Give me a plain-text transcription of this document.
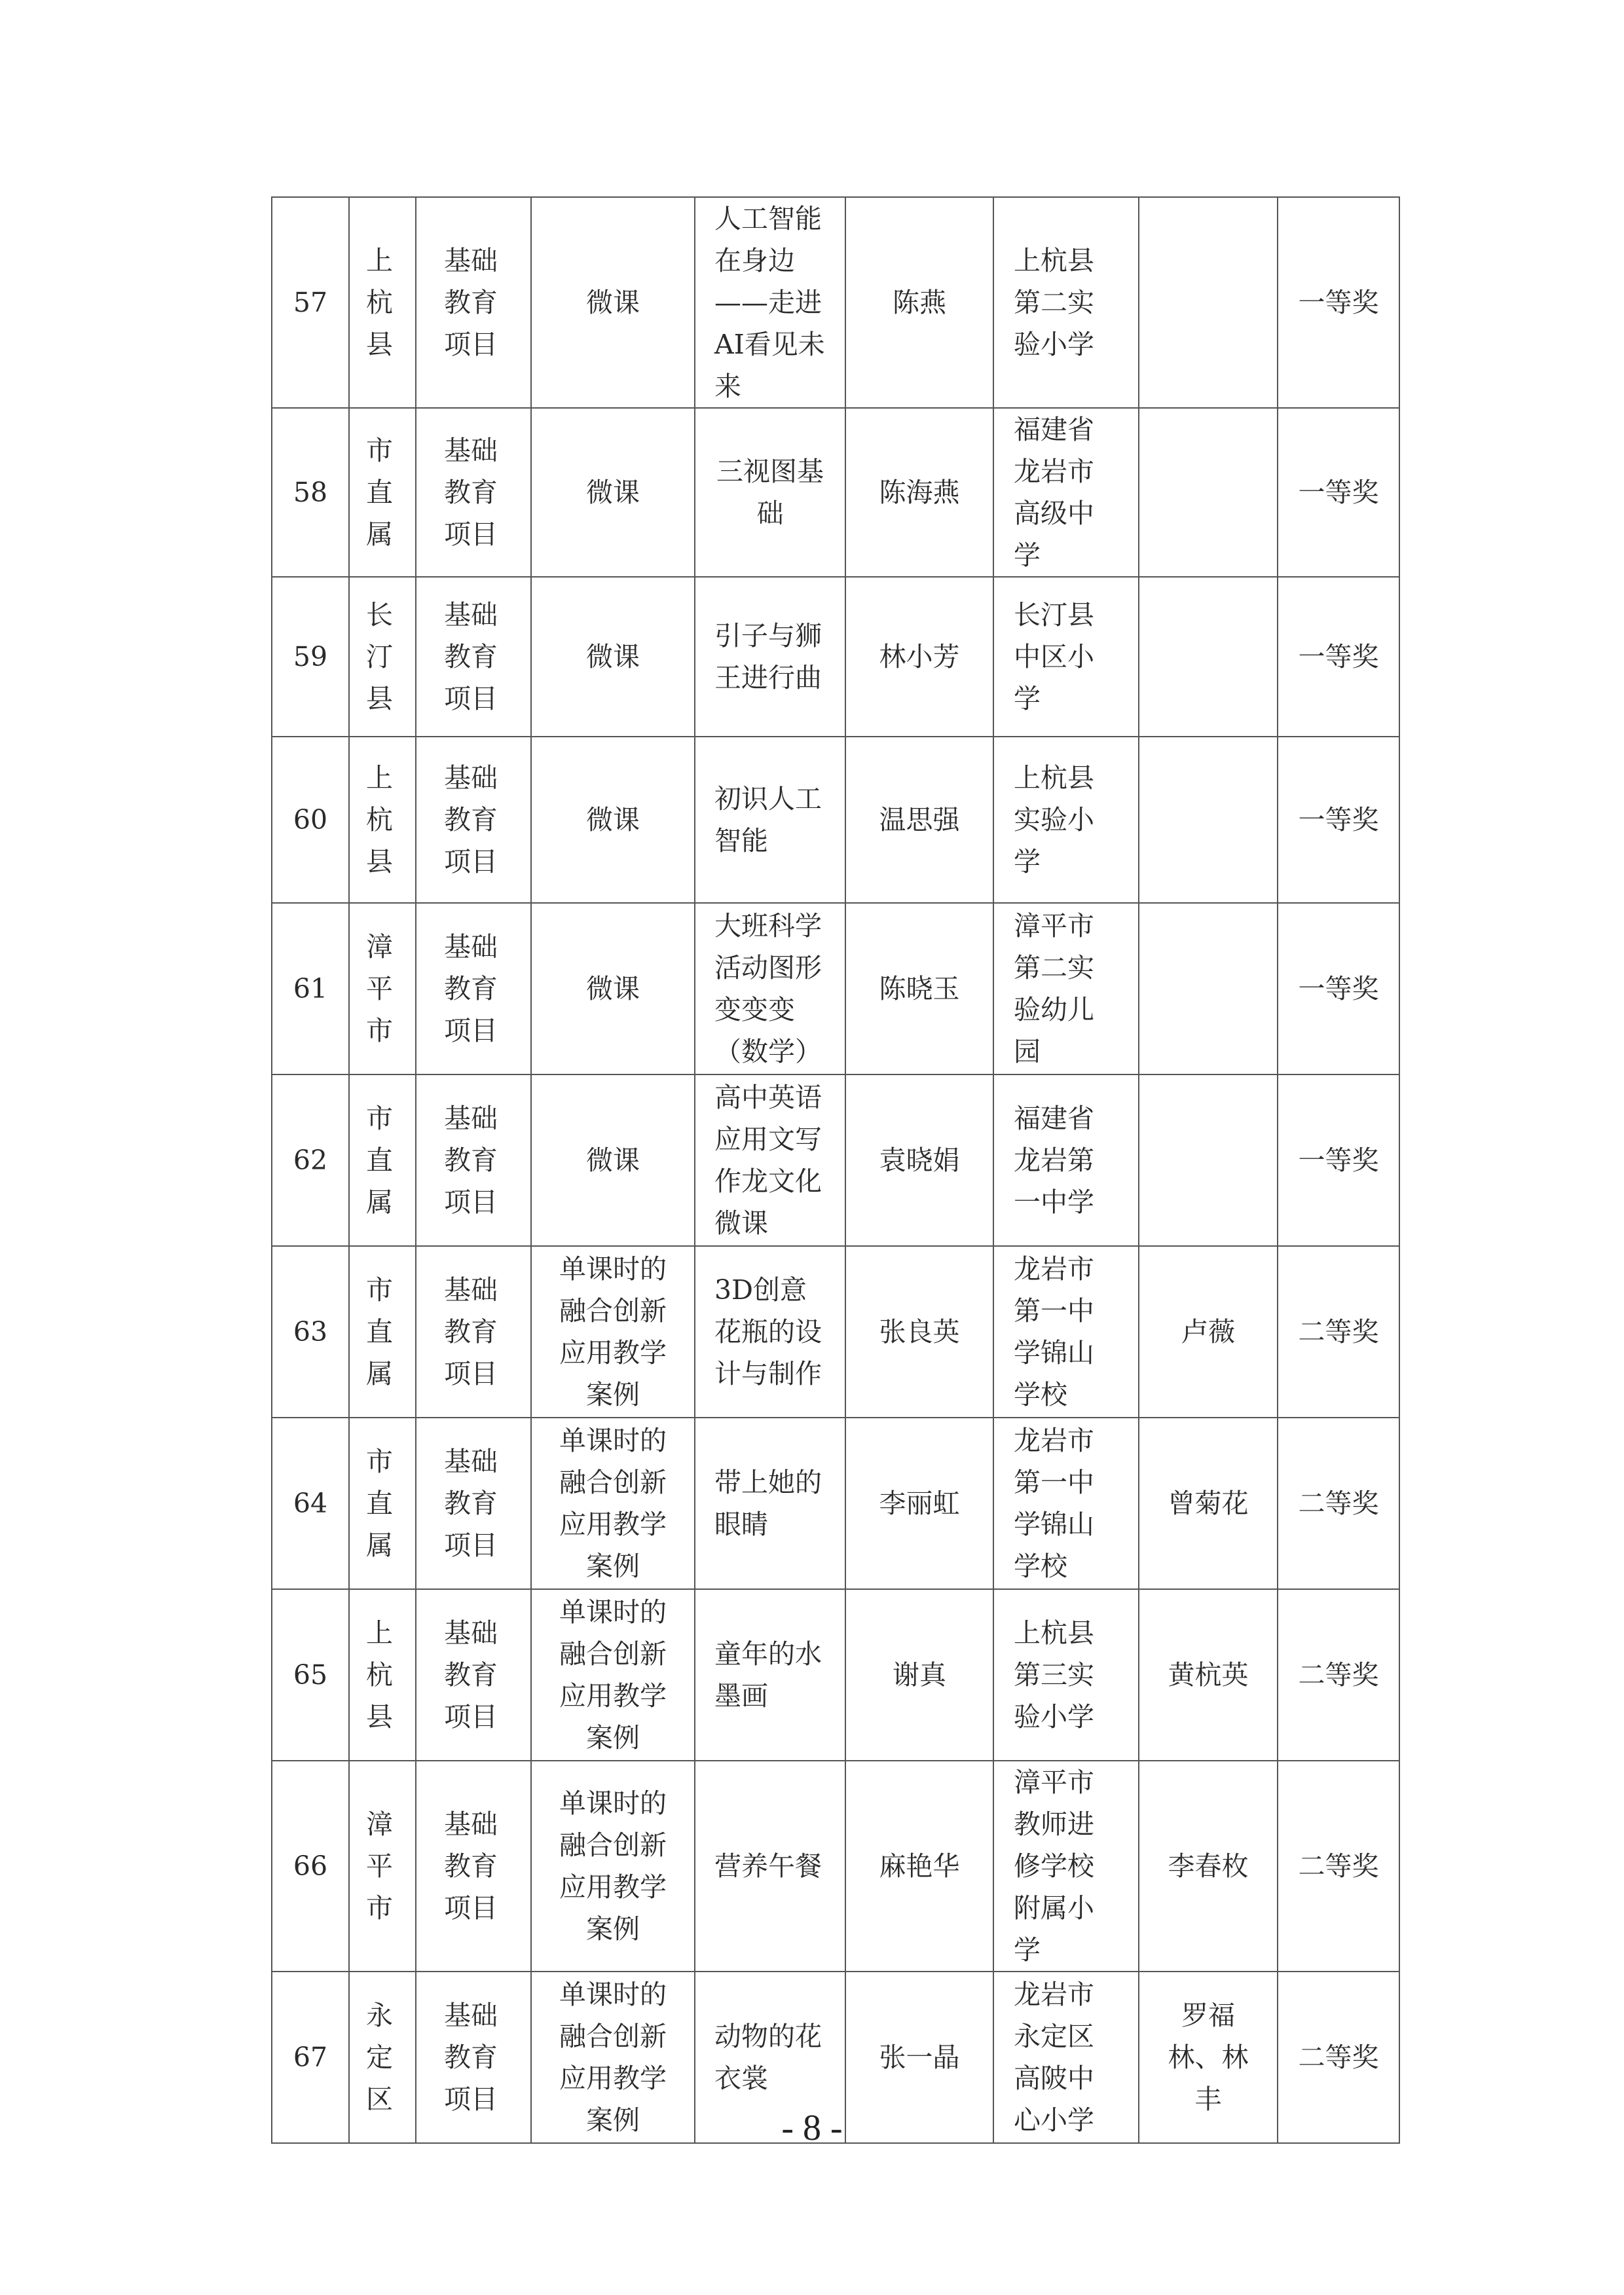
57	上杭县	基础教育项目	微课	人工智能在身边——走进AI看见未来	陈燕	上杭县第二实验小学		一等奖
58	市直属	基础教育项目	微课	三视图基础	陈海燕	福建省龙岩市高级中学		一等奖
59	长汀县	基础教育项目	微课	引子与狮王进行曲	林小芳	长汀县中区小学		一等奖
60	上杭县	基础教育项目	微课	初识人工智能	温思强	上杭县实验小学		一等奖
61	漳平市	基础教育项目	微课	大班科学活动图形变变变（数学）	陈晓玉	漳平市第二实验幼儿园		一等奖
62	市直属	基础教育项目	微课	高中英语应用文写作龙文化微课	袁晓娟	福建省龙岩第一中学		一等奖
63	市直属	基础教育项目	单课时的融合创新应用教学案例	3D创意花瓶的设计与制作	张良英	龙岩市第一中学锦山学校	卢薇	二等奖
64	市直属	基础教育项目	单课时的融合创新应用教学案例	带上她的眼睛	李丽虹	龙岩市第一中学锦山学校	曾菊花	二等奖
65	上杭县	基础教育项目	单课时的融合创新应用教学案例	童年的水墨画	谢真	上杭县第三实验小学	黄杭英	二等奖
66	漳平市	基础教育项目	单课时的融合创新应用教学案例	营养午餐	麻艳华	漳平市教师进修学校附属小学	李春枚	二等奖
67	永定区	基础教育项目	单课时的融合创新应用教学案例	动物的花衣裳	张一晶	龙岩市永定区高陂中心小学	罗福林、林丰	二等奖
- 8 -
